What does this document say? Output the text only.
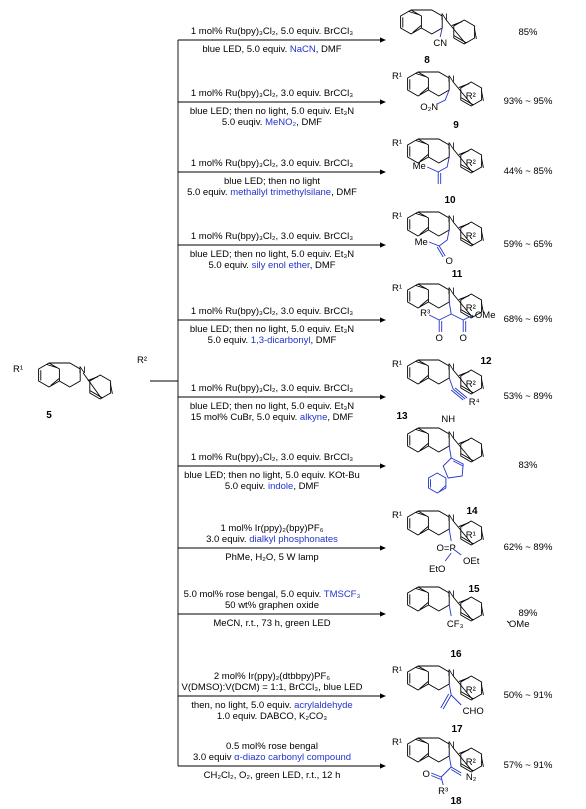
N
R¹
R²
5
1 mol% Ru(bpy)₃Cl₂, 5.0 equiv. BrCCl₃
blue LED, 5.0 equiv. NaCN, DMF
85%
1 mol% Ru(bpy)₃Cl₂, 3.0 equiv. BrCCl₃
blue LED; then no light, 5.0 equiv. Et₃N
5.0 euqiv. MeNO₂, DMF
93% ~ 95%
1 mol% Ru(bpy)₃Cl₂, 3.0 equiv. BrCCl₃
blue LED; then no light
5.0 equiv. methallyl trimethylsilane, DMF
44% ~ 85%
1 mol% Ru(bpy)₃Cl₂, 3.0 equiv. BrCCl₃
blue LED; then no light, 5.0 equiv. Et₃N
5.0 equiv. sily enol ether, DMF
59% ~ 65%
1 mol% Ru(bpy)₃Cl₂, 3.0 equiv. BrCCl₃
blue LED; then no light, 5.0 equiv. Et₃N
5.0 equiv. 1,3-dicarbonyl, DMF
68% ~ 69%
1 mol% Ru(bpy)₃Cl₂, 3.0 equiv. BrCCl₃
blue LED; then no light, 5.0 equiv. Et₃N
15 mol% CuBr, 5.0 equiv. alkyne, DMF
53% ~ 89%
1 mol% Ru(bpy)₃Cl₂, 3.0 equiv. BrCCl₃
blue LED; then no light, 5.0 equiv. KOt-Bu
5.0 equiv. indole, DMF
83%
1 mol% Ir(ppy)₂(bpy)PF₆
3.0 equiv. dialkyl phosphonates
PhMe, H₂O, 5 W lamp
62% ~ 89%
5.0 mol% rose bengal, 5.0 equiv. TMSCF₃
50 wt% graphen oxide
MeCN, r.t., 73 h, green LED
89%
2 mol% Ir(ppy)₂(dtbbpy)PF₆
V(DMSO):V(DCM) = 1:1, BrCCl₃, blue LED
then, no light, 5.0 equiv. acrylaldehyde
1.0 equiv. DABCO, K₂CO₃
50% ~ 91%
0.5 mol% rose bengal
3.0 equiv α-diazo carbonyl compound
CH₂Cl₂, O₂, green LED, r.t., 12 h
57% ~ 91%
N
CN
8
R¹	N
R²
O₂N
9
R¹	N
R²
Me
10
R¹	N
R²
Me
O
11
R¹	N
R²
R³
O O
OMe
12
R¹	N
R²
R⁴
13
N
NH
14
R¹	N
R¹
O=P
OEt
EtO
15
N
CF₃	OMe
16
R¹	N
R²
CHO
17
R¹	N
R²
N₂
O
R³
18
